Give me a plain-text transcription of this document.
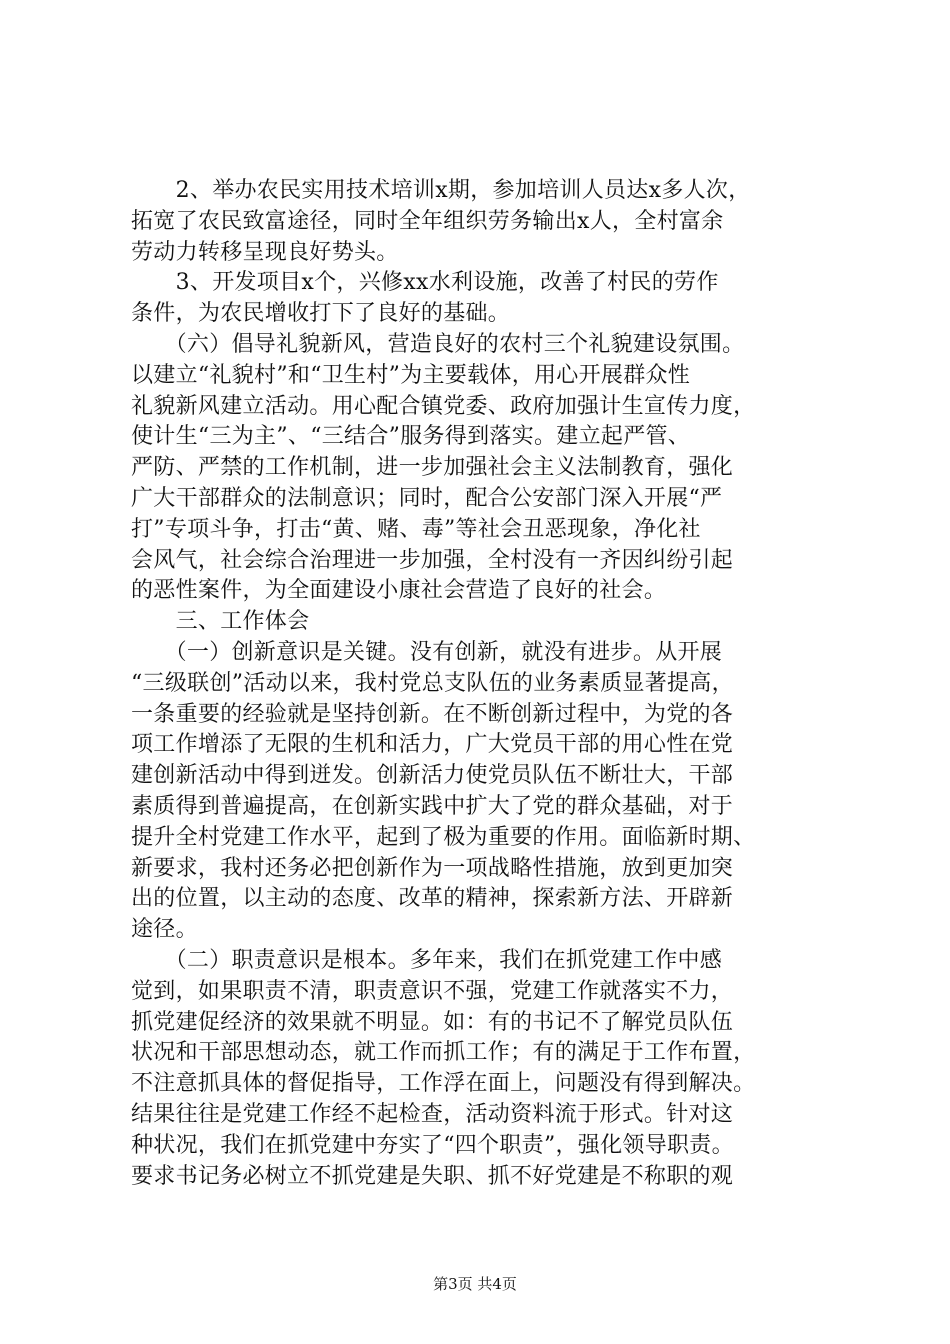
　　2、举办农民实用技术培训x期，参加培训人员达x多人次，
拓宽了农民致富途径，同时全年组织劳务输出x人，全村富余
劳动力转移呈现良好势头。
　　3、开发项目x个，兴修xx水利设施，改善了村民的劳作
条件，为农民增收打下了良好的基础。
　　（六）倡导礼貌新风，营造良好的农村三个礼貌建设氛围。
以建立“礼貌村”和“卫生村”为主要载体，用心开展群众性
礼貌新风建立活动。用心配合镇党委、政府加强计生宣传力度，
使计生“三为主”、“三结合”服务得到落实。建立起严管、
严防、严禁的工作机制，进一步加强社会主义法制教育，强化
广大干部群众的法制意识；同时，配合公安部门深入开展“严
打”专项斗争，打击“黄、赌、毒”等社会丑恶现象，净化社
会风气，社会综合治理进一步加强，全村没有一齐因纠纷引起
的恶性案件，为全面建设小康社会营造了良好的社会。
　　三、工作体会
　　（一）创新意识是关键。没有创新，就没有进步。从开展
“三级联创”活动以来，我村党总支队伍的业务素质显著提高，
一条重要的经验就是坚持创新。在不断创新过程中，为党的各
项工作增添了无限的生机和活力，广大党员干部的用心性在党
建创新活动中得到迸发。创新活力使党员队伍不断壮大，干部
素质得到普遍提高，在创新实践中扩大了党的群众基础，对于
提升全村党建工作水平，起到了极为重要的作用。面临新时期、
新要求，我村还务必把创新作为一项战略性措施，放到更加突
出的位置，以主动的态度、改革的精神，探索新方法、开辟新
途径。
　　（二）职责意识是根本。多年来，我们在抓党建工作中感
觉到，如果职责不清，职责意识不强，党建工作就落实不力，
抓党建促经济的效果就不明显。如：有的书记不了解党员队伍
状况和干部思想动态，就工作而抓工作；有的满足于工作布置，
不注意抓具体的督促指导，工作浮在面上，问题没有得到解决。
结果往往是党建工作经不起检查，活动资料流于形式。针对这
种状况，我们在抓党建中夯实了“四个职责”，强化领导职责。
要求书记务必树立不抓党建是失职、抓不好党建是不称职的观
第3页 共4页
